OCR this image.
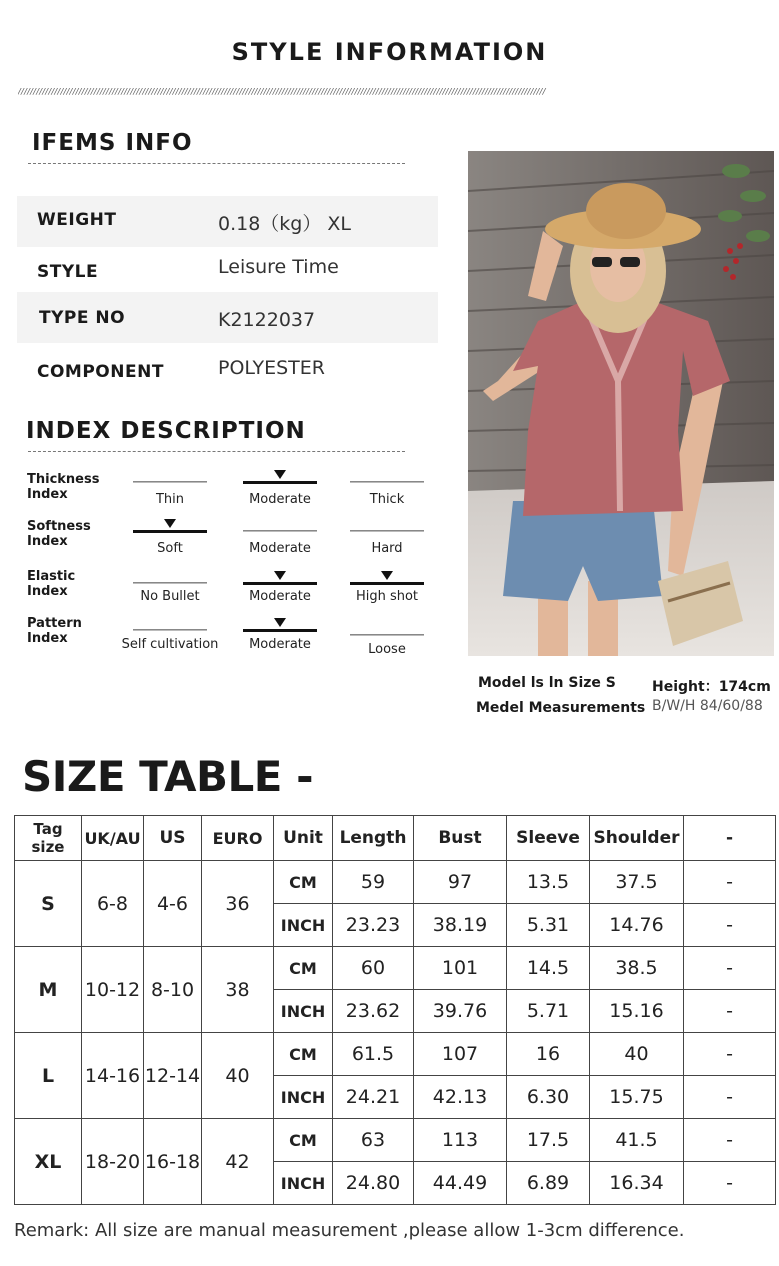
STYLE INFORMATION
//////////////////////////////////////////////////////////////////////////////////////////////////////////////////////////////////////////////////////////////////////////////
IFEMS INFO
WEIGHT	0.18（kg） XL
STYLE	Leisure Time
TYPE NO	K2122037
COMPONENT	POLYESTER
INDEX DESCRIPTION
Thickness
Index	Thin	Moderate	Thick
Softness
Index	Soft	Moderate	Hard
Elastic
Index	No Bullet	Moderate	High shot
Pattern
Index	Self cultivation	Moderate	Loose
Model ls ln Size S	Height：174cm
Medel Measurements B/W/H 84/60/88
SIZE TABLE -
Tag size	UK/AU	US	EURO	Unit	Length	Bust	Sleeve	Shoulder	-
S	6-8	4-6	36	CM	59	97	13.5	37.5	-
				INCH	23.23	38.19	5.31	14.76	-
M	10-12	8-10	38	CM	60	101	14.5	38.5	-
				INCH	23.62	39.76	5.71	15.16	-
L	14-16	12-14	40	CM	61.5	107	16	40	-
				INCH	24.21	42.13	6.30	15.75	-
XL	18-20	16-18	42	CM	63	113	17.5	41.5	-
				INCH	24.80	44.49	6.89	16.34	-
Remark: All size are manual measurement ,please allow 1-3cm difference.
